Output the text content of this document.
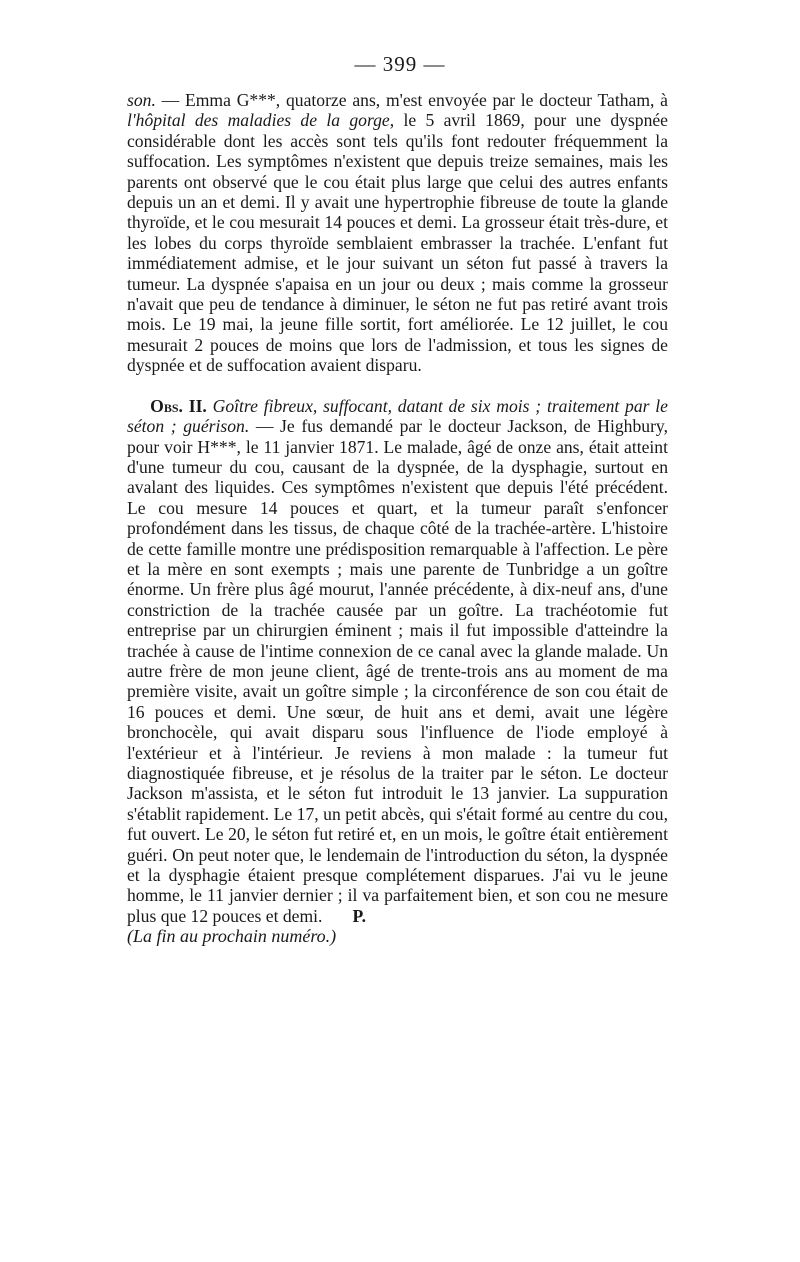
— 399 —

son. — Emma G***, quatorze ans, m'est envoyée par le docteur Tatham, à l'hôpital des maladies de la gorge, le 5 avril 1869, pour une dyspnée considérable dont les accès sont tels qu'ils font redouter fréquemment la suffocation. Les symptômes n'existent que depuis treize semaines, mais les parents ont observé que le cou était plus large que celui des autres enfants depuis un an et demi. Il y avait une hypertrophie fibreuse de toute la glande thyroïde, et le cou mesurait 14 pouces et demi. La grosseur était très-dure, et les lobes du corps thyroïde semblaient embrasser la trachée. L'enfant fut immédiatement admise, et le jour suivant un séton fut passé à travers la tumeur. La dyspnée s'apaisa en un jour ou deux ; mais comme la grosseur n'avait que peu de tendance à diminuer, le séton ne fut pas retiré avant trois mois. Le 19 mai, la jeune fille sortit, fort améliorée. Le 12 juillet, le cou mesurait 2 pouces de moins que lors de l'admission, et tous les signes de dyspnée et de suffocation avaient disparu.

Obs. II. Goître fibreux, suffocant, datant de six mois ; traitement par le séton ; guérison. — Je fus demandé par le docteur Jackson, de Highbury, pour voir H***, le 11 janvier 1871. Le malade, âgé de onze ans, était atteint d'une tumeur du cou, causant de la dyspnée, de la dysphagie, surtout en avalant des liquides. Ces symptômes n'existent que depuis l'été précédent. Le cou mesure 14 pouces et quart, et la tumeur paraît s'enfoncer profondément dans les tissus, de chaque côté de la trachée-artère. L'histoire de cette famille montre une prédisposition remarquable à l'affection. Le père et la mère en sont exempts ; mais une parente de Tunbridge a un goître énorme. Un frère plus âgé mourut, l'année précédente, à dix-neuf ans, d'une constriction de la trachée causée par un goître. La trachéotomie fut entreprise par un chirurgien éminent ; mais il fut impossible d'atteindre la trachée à cause de l'intime connexion de ce canal avec la glande malade. Un autre frère de mon jeune client, âgé de trente-trois ans au moment de ma première visite, avait un goître simple ; la circonférence de son cou était de 16 pouces et demi. Une sœur, de huit ans et demi, avait une légère bronchocèle, qui avait disparu sous l'influence de l'iode employé à l'extérieur et à l'intérieur. Je reviens à mon malade : la tumeur fut diagnostiquée fibreuse, et je résolus de la traiter par le séton. Le docteur Jackson m'assista, et le séton fut introduit le 13 janvier. La suppuration s'établit rapidement. Le 17, un petit abcès, qui s'était formé au centre du cou, fut ouvert. Le 20, le séton fut retiré et, en un mois, le goître était entièrement guéri. On peut noter que, le lendemain de l'introduction du séton, la dyspnée et la dysphagie étaient presque complétement disparues. J'ai vu le jeune homme, le 11 janvier dernier ; il va parfaitement bien, et son cou ne mesure plus que 12 pouces et demi. P.

(La fin au prochain numéro.)
